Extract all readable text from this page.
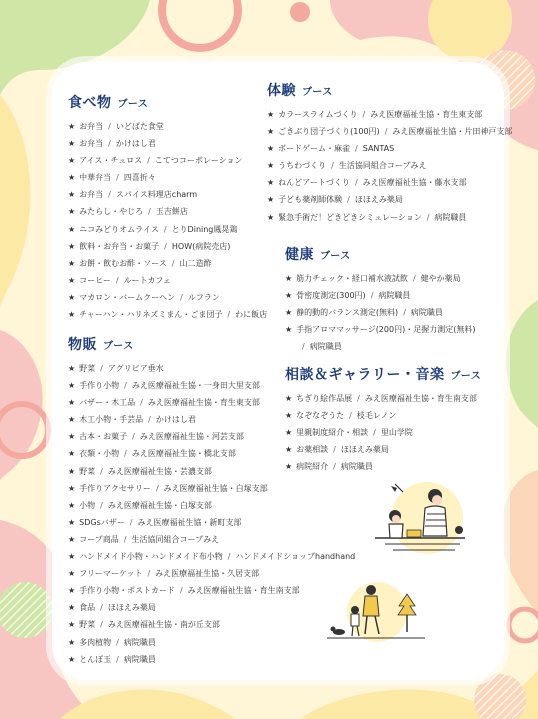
食べ物 ブース
★ お弁当 / いどばた食堂
★ お弁当 / かけはし君
★ アイス・チュロス / こてつコーポレーション
★ 中華弁当 / 四喜折々
★ お弁当 / スパイス料理店charm
★ みたらし・やじろ / 玉吉餅店
★ ニコみどりオムライス / とりDining鳳晃鶏
★ 飲料・お弁当・お菓子 / HOW(病院売店)
★ お餅・飲むお酢・ソース / 山二造酢
★ コーヒー / ルートカフェ
★ マカロン・バームクーヘン / ルフラン
★ チャーハン・ハリネズミまん・ごま団子 / わに飯店
物販 ブース
★ 野菜 / アグリビア垂水
★ 手作り小物 / みえ医療福祉生協・一身田大里支部
★ バザー・木工品 / みえ医療福祉生協・育生東支部
★ 木工小物・手芸品 / かけはし君
★ 古本・お菓子 / みえ医療福祉生協・河芸支部
★ 衣類・小物 / みえ医療福祉生協・橋北支部
★ 野菜 / みえ医療福祉生協・芸濃支部
★ 手作りアクセサリー / みえ医療福祉生協・白塚支部
★ 小物 / みえ医療福祉生協・白塚支部
★ SDGsバザー / みえ医療福祉生協・新町支部
★ コープ商品 / 生活協同組合コープみえ
★ ハンドメイド小物・ハンドメイド布小物 / ハンドメイドショップhandhand
★ フリーマーケット / みえ医療福祉生協・久居支部
★ 手作り小物・ポストカード / みえ医療福祉生協・育生南支部
★ 食品 / ほほえみ薬局
★ 野菜 / みえ医療福祉生協・南が丘支部
★ 多肉植物 / 病院職員
★ とんぼ玉 / 病院職員
体験 ブース
★ カラースライムづくり / みえ医療福祉生協・育生東支部
★ ごきぶり団子づくり(100円) / みえ医療福祉生協・片田神戸支部
★ ボードゲーム・麻雀 / SANTAS
★ うちわづくり / 生活協同組合コープみえ
★ ねんどアートづくり / みえ医療福祉生協・藤水支部
★ 子ども薬剤師体験 / ほほえみ薬局
★ 緊急手術だ！どきどきシミュレーション / 病院職員
健康 ブース
★ 筋力チェック・経口補水液試飲 / 健やか薬局
★ 骨密度測定(300円) / 病院職員
★ 静的動的バランス測定(無料) / 病院職員
★ 手指アロママッサージ(200円)・足握力測定(無料)
/ 病院職員
相談＆ギャラリー・音楽 ブース
★ ちぎり絵作品展 / みえ医療福祉生協・育生南支部
★ なぞなぞうた / 枝毛レノン
★ 里親制度紹介・相談 / 里山学院
★ お薬相談 / ほほえみ薬局
★ 病院紹介 / 病院職員
